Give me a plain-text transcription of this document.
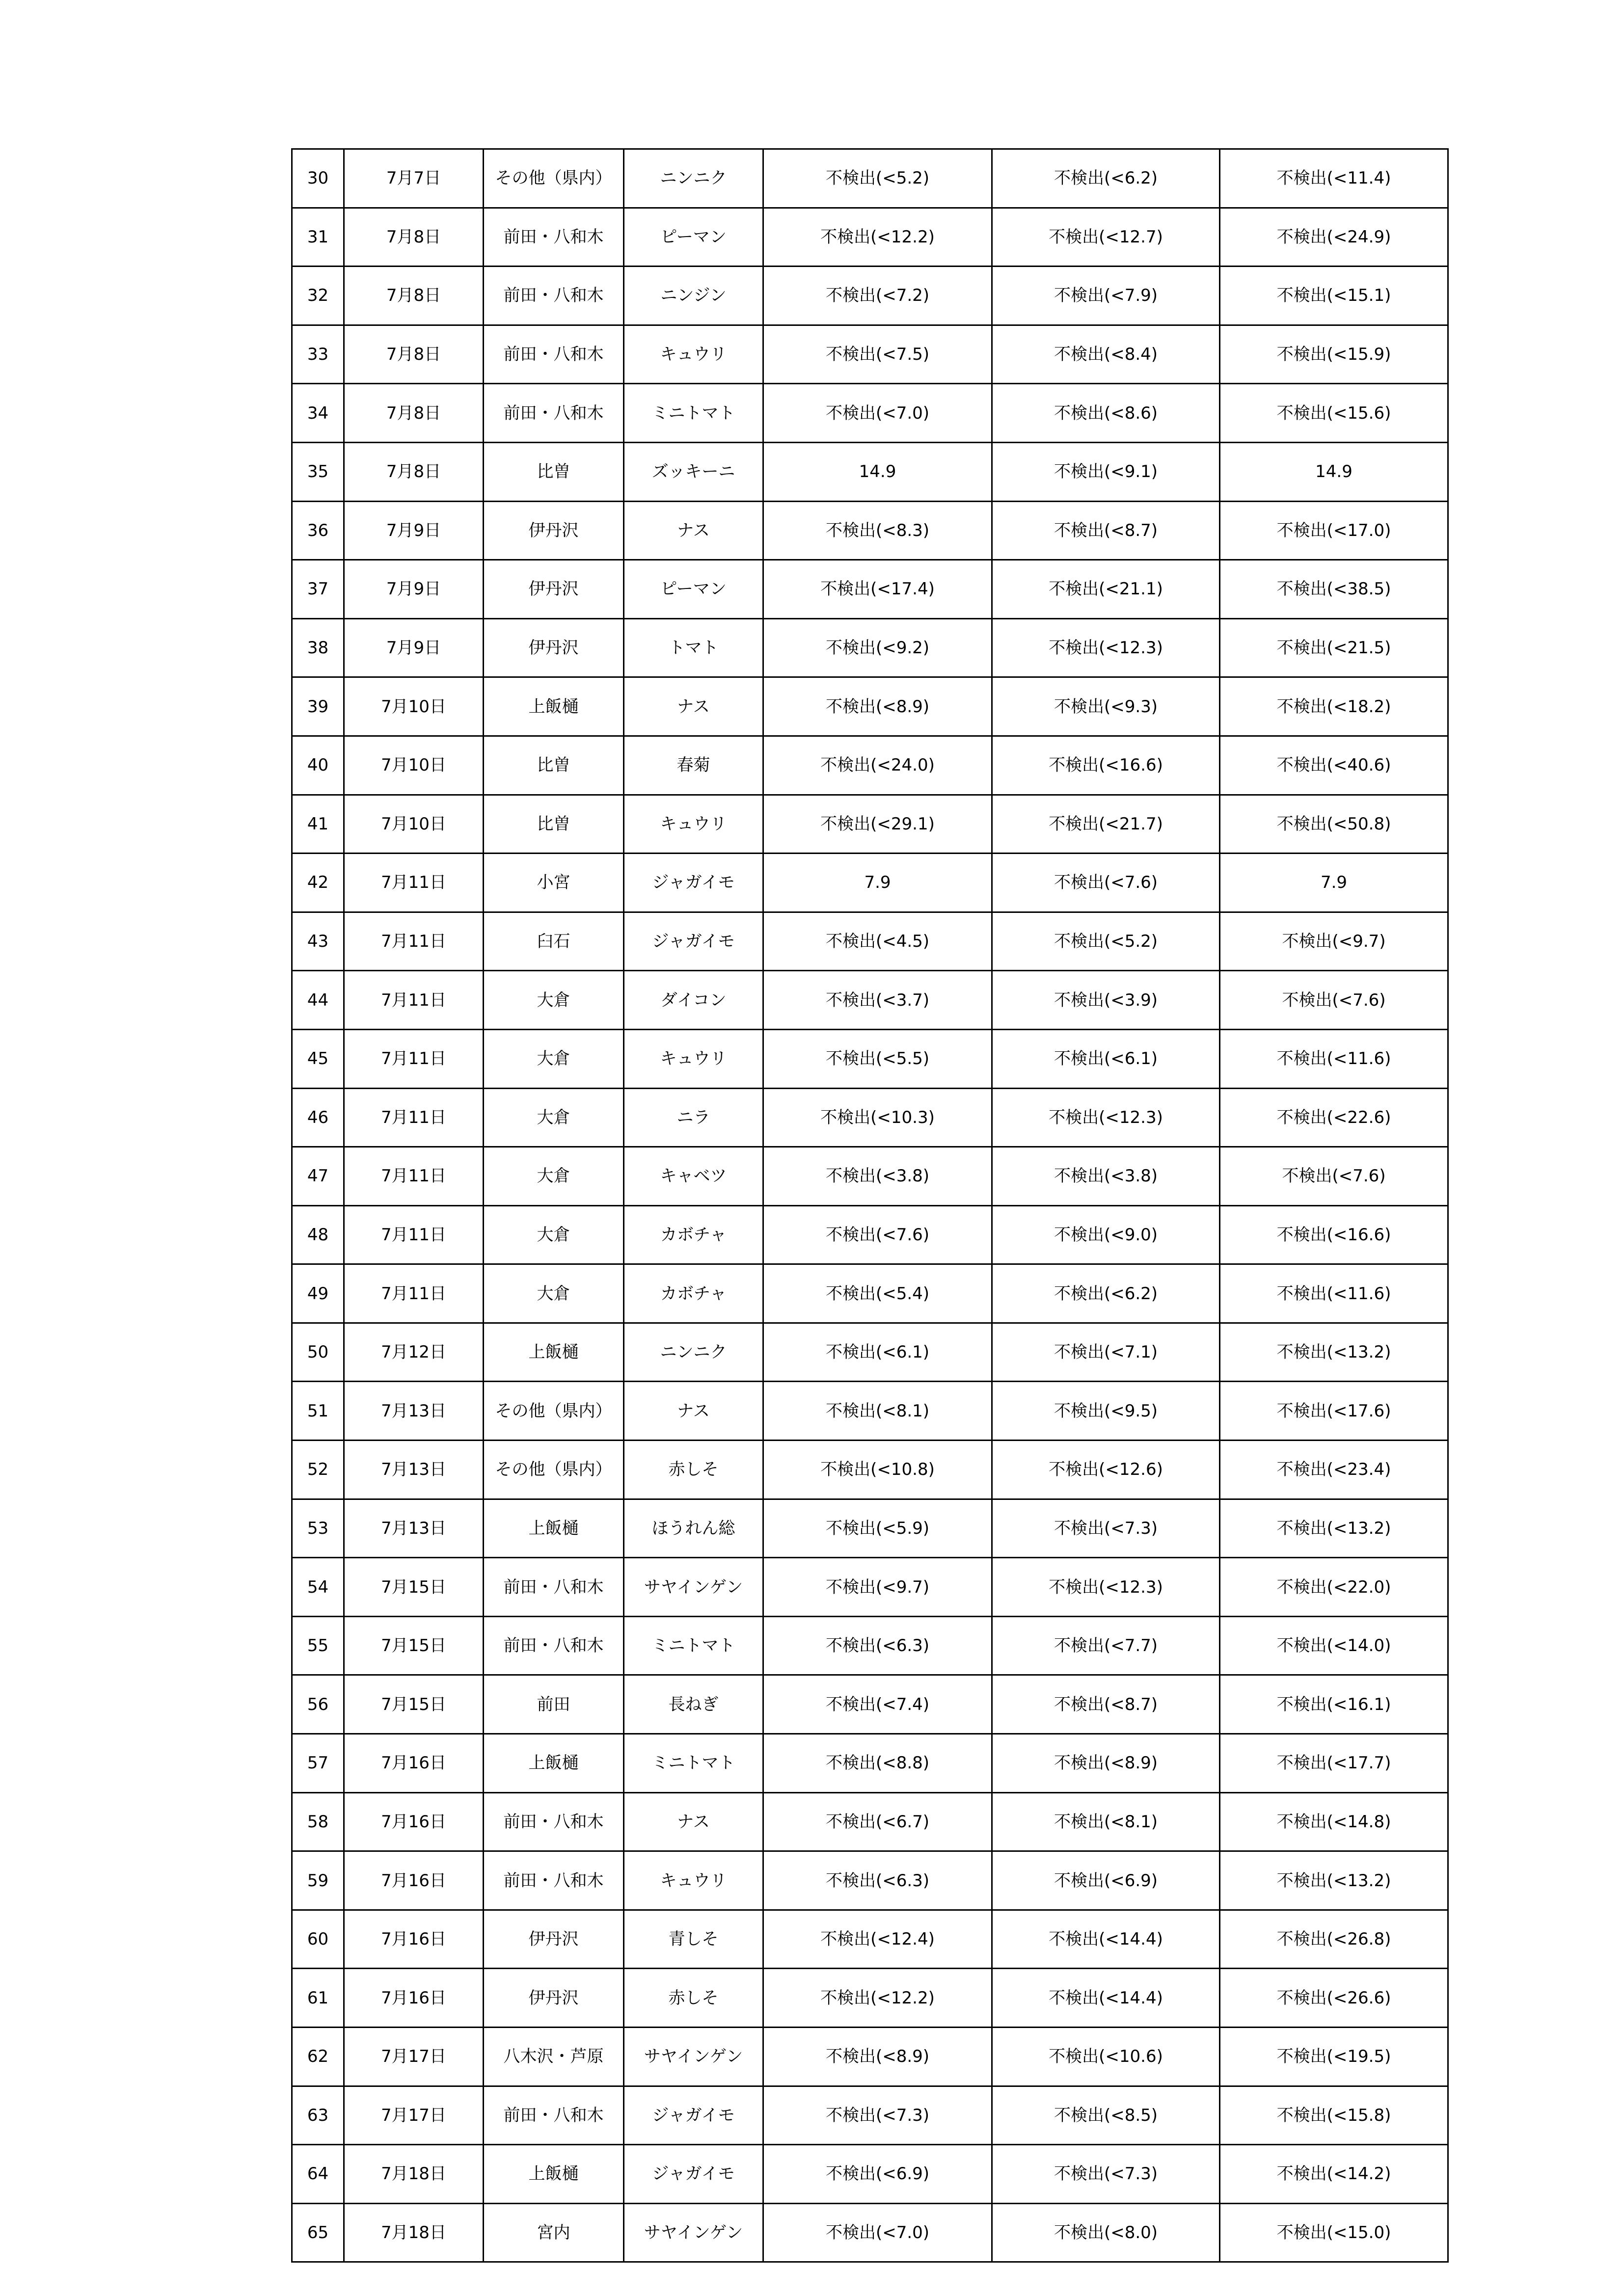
30	7月7日	その他（県内）	ニンニク	不検出(<5.2)	不検出(<6.2)	不検出(<11.4)
31	7月8日	前田・八和木	ピーマン	不検出(<12.2)	不検出(<12.7)	不検出(<24.9)
32	7月8日	前田・八和木	ニンジン	不検出(<7.2)	不検出(<7.9)	不検出(<15.1)
33	7月8日	前田・八和木	キュウリ	不検出(<7.5)	不検出(<8.4)	不検出(<15.9)
34	7月8日	前田・八和木	ミニトマト	不検出(<7.0)	不検出(<8.6)	不検出(<15.6)
35	7月8日	比曽	ズッキーニ	14.9	不検出(<9.1)	14.9
36	7月9日	伊丹沢	ナス	不検出(<8.3)	不検出(<8.7)	不検出(<17.0)
37	7月9日	伊丹沢	ピーマン	不検出(<17.4)	不検出(<21.1)	不検出(<38.5)
38	7月9日	伊丹沢	トマト	不検出(<9.2)	不検出(<12.3)	不検出(<21.5)
39	7月10日	上飯樋	ナス	不検出(<8.9)	不検出(<9.3)	不検出(<18.2)
40	7月10日	比曽	春菊	不検出(<24.0)	不検出(<16.6)	不検出(<40.6)
41	7月10日	比曽	キュウリ	不検出(<29.1)	不検出(<21.7)	不検出(<50.8)
42	7月11日	小宮	ジャガイモ	7.9	不検出(<7.6)	7.9
43	7月11日	臼石	ジャガイモ	不検出(<4.5)	不検出(<5.2)	不検出(<9.7)
44	7月11日	大倉	ダイコン	不検出(<3.7)	不検出(<3.9)	不検出(<7.6)
45	7月11日	大倉	キュウリ	不検出(<5.5)	不検出(<6.1)	不検出(<11.6)
46	7月11日	大倉	ニラ	不検出(<10.3)	不検出(<12.3)	不検出(<22.6)
47	7月11日	大倉	キャベツ	不検出(<3.8)	不検出(<3.8)	不検出(<7.6)
48	7月11日	大倉	カボチャ	不検出(<7.6)	不検出(<9.0)	不検出(<16.6)
49	7月11日	大倉	カボチャ	不検出(<5.4)	不検出(<6.2)	不検出(<11.6)
50	7月12日	上飯樋	ニンニク	不検出(<6.1)	不検出(<7.1)	不検出(<13.2)
51	7月13日	その他（県内）	ナス	不検出(<8.1)	不検出(<9.5)	不検出(<17.6)
52	7月13日	その他（県内）	赤しそ	不検出(<10.8)	不検出(<12.6)	不検出(<23.4)
53	7月13日	上飯樋	ほうれん総	不検出(<5.9)	不検出(<7.3)	不検出(<13.2)
54	7月15日	前田・八和木	サヤインゲン	不検出(<9.7)	不検出(<12.3)	不検出(<22.0)
55	7月15日	前田・八和木	ミニトマト	不検出(<6.3)	不検出(<7.7)	不検出(<14.0)
56	7月15日	前田	長ねぎ	不検出(<7.4)	不検出(<8.7)	不検出(<16.1)
57	7月16日	上飯樋	ミニトマト	不検出(<8.8)	不検出(<8.9)	不検出(<17.7)
58	7月16日	前田・八和木	ナス	不検出(<6.7)	不検出(<8.1)	不検出(<14.8)
59	7月16日	前田・八和木	キュウリ	不検出(<6.3)	不検出(<6.9)	不検出(<13.2)
60	7月16日	伊丹沢	青しそ	不検出(<12.4)	不検出(<14.4)	不検出(<26.8)
61	7月16日	伊丹沢	赤しそ	不検出(<12.2)	不検出(<14.4)	不検出(<26.6)
62	7月17日	八木沢・芦原	サヤインゲン	不検出(<8.9)	不検出(<10.6)	不検出(<19.5)
63	7月17日	前田・八和木	ジャガイモ	不検出(<7.3)	不検出(<8.5)	不検出(<15.8)
64	7月18日	上飯樋	ジャガイモ	不検出(<6.9)	不検出(<7.3)	不検出(<14.2)
65	7月18日	宮内	サヤインゲン	不検出(<7.0)	不検出(<8.0)	不検出(<15.0)
